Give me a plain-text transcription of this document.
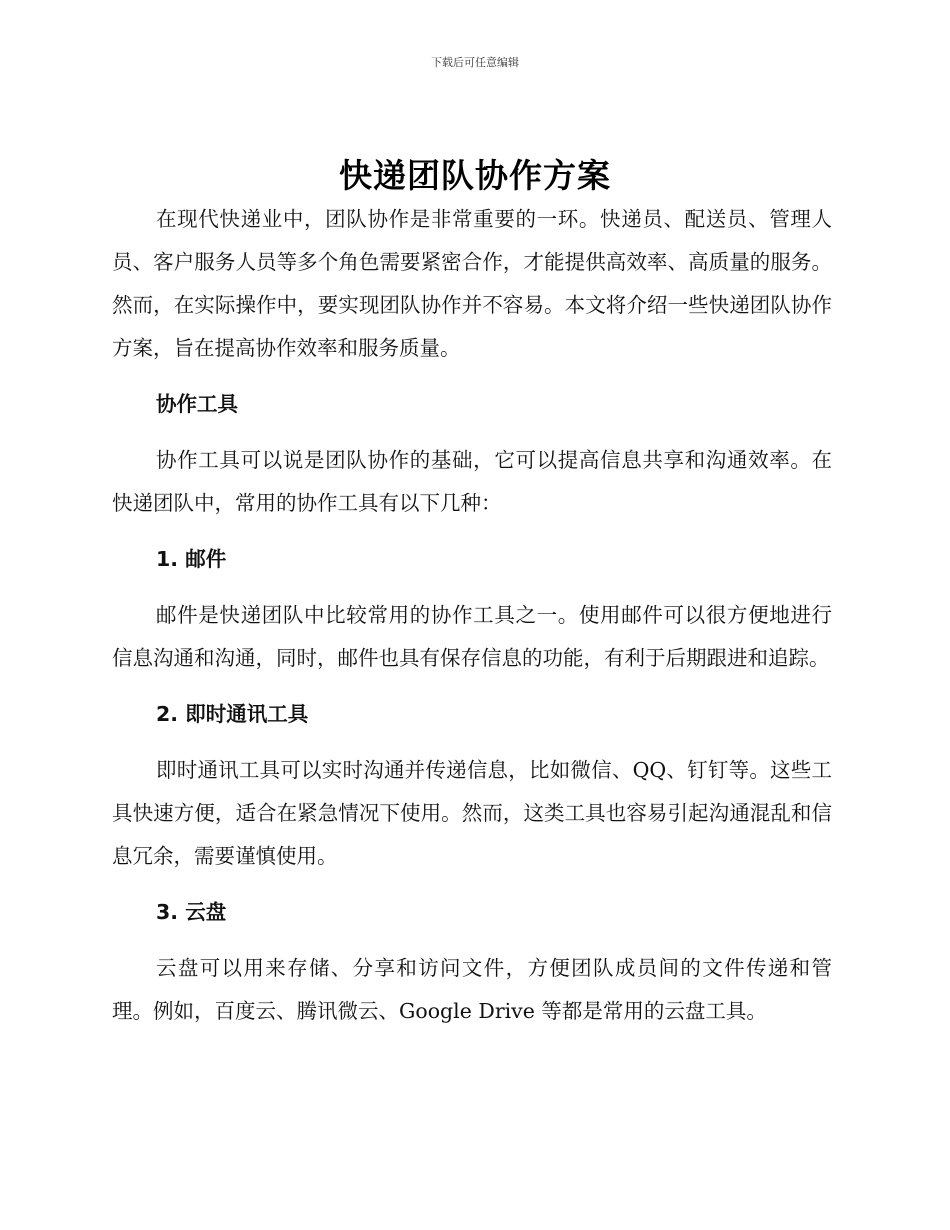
下载后可任意编辑
快递团队协作方案

在现代快递业中，团队协作是非常重要的一环。快递员、配送员、管理人员、客户服务人员等多个角色需要紧密合作，才能提供高效率、高质量的服务。然而，在实际操作中，要实现团队协作并不容易。本文将介绍一些快递团队协作方案，旨在提高协作效率和服务质量。

协作工具

协作工具可以说是团队协作的基础，它可以提高信息共享和沟通效率。在快递团队中，常用的协作工具有以下几种：

1. 邮件

邮件是快递团队中比较常用的协作工具之一。使用邮件可以很方便地进行信息沟通和沟通，同时，邮件也具有保存信息的功能，有利于后期跟进和追踪。

2. 即时通讯工具

即时通讯工具可以实时沟通并传递信息，比如微信、QQ、钉钉等。这些工具快速方便，适合在紧急情况下使用。然而，这类工具也容易引起沟通混乱和信息冗余，需要谨慎使用。

3. 云盘

云盘可以用来存储、分享和访问文件，方便团队成员间的文件传递和管理。例如，百度云、腾讯微云、Google Drive 等都是常用的云盘工具。
